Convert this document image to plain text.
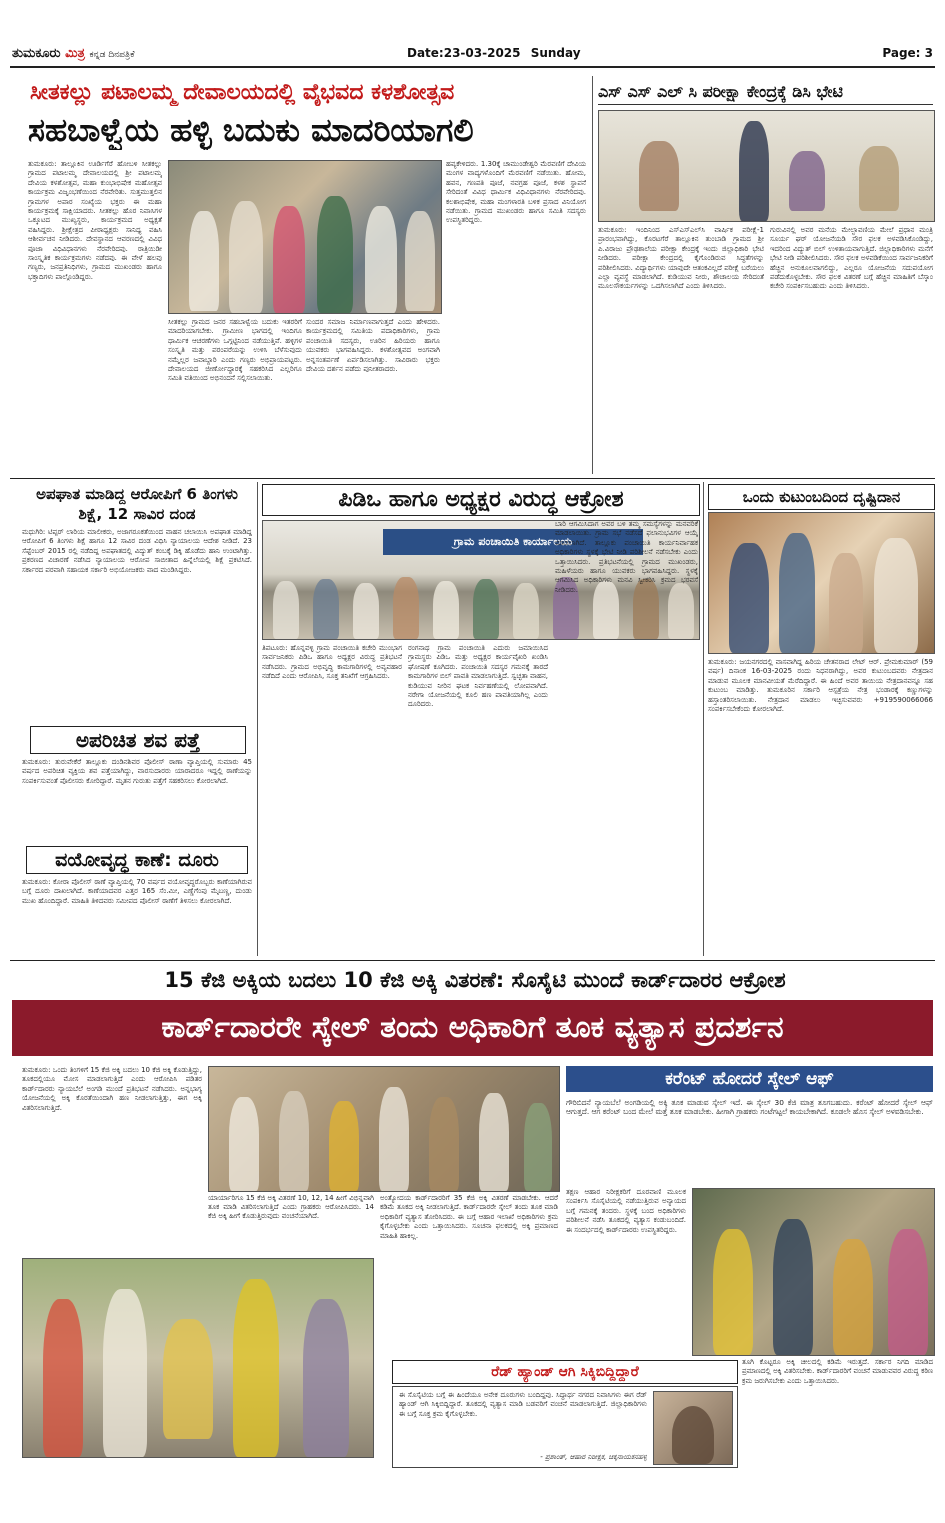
ತುಮಕೂರು ಮಿತ್ರ ಕನ್ನಡ ದಿನಪತ್ರಿಕೆ	Date:23-03-2025 Sunday	Page: 3
ಸೀತಕಲ್ಲು ಪಟಾಲಮ್ಮ ದೇವಾಲಯದಲ್ಲಿ ವೈಭವದ ಕಳಶೋತ್ಸವ
ಸಹಬಾಳ್ವೆಯ ಹಳ್ಳಿ ಬದುಕು ಮಾದರಿಯಾಗಲಿ
ತುಮಕೂರು: ತಾಲ್ಲೂಕಿನ ಊರ್ಡಿಗೆರೆ ಹೋಬಳಿ ಸೀತಕಲ್ಲು ಗ್ರಾಮದ ಪಟಾಲಮ್ಮ ದೇವಾಲಯದಲ್ಲಿ ಶ್ರೀ ಪಟಾಲಮ್ಮ ದೇವಿಯ ಕಳಶೋತ್ಸವ, ಮಹಾ ಕುಂಭಾಭಿಷೇಕ ಮಹೋತ್ಸವ ಕಾರ್ಯಕ್ರಮ ವಿಜೃಂಭಣೆಯಿಂದ ನೆರವೇರಿತು. ಸುತ್ತಮುತ್ತಲಿನ ಗ್ರಾಮಗಳ ಅಪಾರ ಸಂಖ್ಯೆಯ ಭಕ್ತರು ಈ ಮಹಾ ಕಾರ್ಯಕ್ರಮಕ್ಕೆ ಸಾಕ್ಷಿಯಾದರು. ಸೀತಕಲ್ಲು ಹೊರ ನಿವಾಸಿಗಳ ಒಕ್ಕೂಟದ ಮುಖ್ಯಸ್ಥರು, ಕಾರ್ಯಕ್ರಮದ ಅಧ್ಯಕ್ಷತೆ ವಹಿಸಿದ್ದರು. ಶ್ರೀಕ್ಷೇತ್ರದ ಪೀಠಾಧ್ಯಕ್ಷರು ಸಾನಿಧ್ಯ ವಹಿಸಿ ಆಶೀರ್ವಚನ ನೀಡಿದರು. ದೇವಸ್ಥಾನದ ಆವರಣದಲ್ಲಿ ವಿವಿಧ ಪೂಜಾ ವಿಧಿವಿಧಾನಗಳು ನೆರವೇರಿದವು. ರಾತ್ರಿಯಿಡೀ ಸಾಂಸ್ಕೃತಿಕ ಕಾರ್ಯಕ್ರಮಗಳು ನಡೆದವು. ಈ ವೇಳೆ ಹಲವು ಗಣ್ಯರು, ಜನಪ್ರತಿನಿಧಿಗಳು, ಗ್ರಾಮದ ಮುಖಂಡರು ಹಾಗೂ ಭಕ್ತಾದಿಗಳು ಪಾಲ್ಗೊಂಡಿದ್ದರು.
ಸೀತಕಲ್ಲು ಗ್ರಾಮದ ಜನರ ಸಹಬಾಳ್ವೆಯ ಬದುಕು ಇತರರಿಗೆ ಮಾದರಿಯಾಗಬೇಕು. ಗ್ರಾಮೀಣ ಭಾಗದಲ್ಲಿ ಇಂದಿಗೂ ಧಾರ್ಮಿಕ ಆಚರಣೆಗಳು ಒಗ್ಗಟ್ಟಿನಿಂದ ನಡೆಯುತ್ತಿವೆ. ಹಳ್ಳಿಗಳ ಸಂಸ್ಕೃತಿ ಮತ್ತು ಪರಂಪರೆಯನ್ನು ಉಳಿಸಿ ಬೆಳೆಸುವುದು ನಮ್ಮೆಲ್ಲರ ಜವಾಬ್ದಾರಿ ಎಂದು ಗಣ್ಯರು ಅಭಿಪ್ರಾಯಪಟ್ಟರು. ದೇವಾಲಯದ ಜೀರ್ಣೋದ್ಧಾರಕ್ಕೆ ಸಹಕರಿಸಿದ ಎಲ್ಲರಿಗೂ ಸಮಿತಿ ವತಿಯಿಂದ ಅಭಿನಂದನೆ ಸಲ್ಲಿಸಲಾಯಿತು.
ಸುಂದರ ಸಮಾಜ ನಿರ್ಮಾಣವಾಗುತ್ತದೆ ಎಂದು ಹೇಳಿದರು. ಕಾರ್ಯಕ್ರಮದಲ್ಲಿ ಸಮಿತಿಯ ಪದಾಧಿಕಾರಿಗಳು, ಗ್ರಾಮ ಪಂಚಾಯಿತಿ ಸದಸ್ಯರು, ಊರಿನ ಹಿರಿಯರು ಹಾಗೂ ಯುವಕರು ಭಾಗವಹಿಸಿದ್ದರು. ಕಳಶೋತ್ಸವದ ಅಂಗವಾಗಿ ಅನ್ನಸಂತರ್ಪಣೆ ಏರ್ಪಡಿಸಲಾಗಿತ್ತು. ಸಾವಿರಾರು ಭಕ್ತರು ದೇವಿಯ ದರ್ಶನ ಪಡೆದು ಪುನೀತರಾದರು.
ಹವ್ಯಕೇಳಿದರು. 1.30ಕ್ಕೆ ಚಾಮುಂಡೇಶ್ವರಿ ಮೆರವಣಿಗೆ ದೇವಿಯ ಮಂಗಳ ವಾದ್ಯಗಳೊಂದಿಗೆ ಮೆರವಣಿಗೆ ನಡೆಯಿತು. ಹೋಮ, ಹವನ, ಗಣಪತಿ ಪೂಜೆ, ನವಗ್ರಹ ಪೂಜೆ, ಕಳಶ ಸ್ಥಾಪನೆ ಸೇರಿದಂತೆ ವಿವಿಧ ಧಾರ್ಮಿಕ ವಿಧಿವಿಧಾನಗಳು ನೆರವೇರಿದವು. ಕಲಶಾಭಿಷೇಕ, ಮಹಾ ಮಂಗಳಾರತಿ ಬಳಿಕ ಪ್ರಸಾದ ವಿನಿಯೋಗ ನಡೆಯಿತು. ಗ್ರಾಮದ ಮುಖಂಡರು ಹಾಗೂ ಸಮಿತಿ ಸದಸ್ಯರು ಉಪಸ್ಥಿತರಿದ್ದರು.
ಎಸ್ ಎಸ್ ಎಲ್ ಸಿ ಪರೀಕ್ಷಾ ಕೇಂದ್ರಕ್ಕೆ ಡಿಸಿ ಭೇಟಿ
ತುಮಕೂರು: ಇಂದಿನಿಂದ ಎಸ್‌ಎಸ್‌ಎಲ್‌ಸಿ ವಾರ್ಷಿಕ ಪರೀಕ್ಷೆ-1 ಪ್ರಾರಂಭವಾಗಿದ್ದು, ಕೊರಟಗೆರೆ ತಾಲ್ಲೂಕಿನ ತುಂಬಾಡಿ ಗ್ರಾಮದ ಶ್ರೀ ಪಿ.ವಿರಾಜು ಪ್ರೌಢಶಾಲೆಯ ಪರೀಕ್ಷಾ ಕೇಂದ್ರಕ್ಕೆ ಇಂದು ಜಿಲ್ಲಾಧಿಕಾರಿ ಭೇಟಿ ನೀಡಿದರು. ಪರೀಕ್ಷಾ ಕೇಂದ್ರದಲ್ಲಿ ಕೈಗೊಂಡಿರುವ ಸಿದ್ಧತೆಗಳನ್ನು ಪರಿಶೀಲಿಸಿದರು. ವಿದ್ಯಾರ್ಥಿಗಳು ಯಾವುದೇ ಆತಂಕವಿಲ್ಲದೆ ಪರೀಕ್ಷೆ ಬರೆಯಲು ಎಲ್ಲಾ ವ್ಯವಸ್ಥೆ ಮಾಡಲಾಗಿದೆ. ಕುಡಿಯುವ ನೀರು, ಶೌಚಾಲಯ ಸೇರಿದಂತೆ ಮೂಲಸೌಕರ್ಯಗಳನ್ನು ಒದಗಿಸಲಾಗಿದೆ ಎಂದು ತಿಳಿಸಿದರು.
ಗುರುವಿನಲ್ಲಿ ಅವರ ಮನೆಯ ಮೇಲ್ಛಾವಣಿಯ ಮೇಲೆ ಪ್ರಧಾನ ಮಂತ್ರಿ ಸೂರ್ಯ ಘರ್ ಯೋಜನೆಯಡಿ ಸೌರ ಫಲಕ ಅಳವಡಿಸಿಕೊಂಡಿದ್ದು, ಇದರಿಂದ ವಿದ್ಯುತ್ ಬಿಲ್ ಉಳಿತಾಯವಾಗುತ್ತಿದೆ. ಜಿಲ್ಲಾಧಿಕಾರಿಗಳು ಮನೆಗೆ ಭೇಟಿ ನೀಡಿ ಪರಿಶೀಲಿಸಿದರು. ಸೌರ ಫಲಕ ಅಳವಡಿಕೆಯಿಂದ ಸಾರ್ವಜನಿಕರಿಗೆ ಹೆಚ್ಚಿನ ಅನುಕೂಲವಾಗಲಿದ್ದು, ಎಲ್ಲರೂ ಯೋಜನೆಯ ಸದುಪಯೋಗ ಪಡೆದುಕೊಳ್ಳಬೇಕು. ಸೌರ ಫಲಕ ವಿತರಣೆ ಬಗ್ಗೆ ಹೆಚ್ಚಿನ ಮಾಹಿತಿಗೆ ಬೆಸ್ಕಾಂ ಕಚೇರಿ ಸಂಪರ್ಕಿಸಬಹುದು ಎಂದು ತಿಳಿಸಿದರು.
ಅಪಘಾತ ಮಾಡಿದ್ದ ಆರೋಪಿಗೆ 6 ತಿಂಗಳು ಶಿಕ್ಷೆ, 12 ಸಾವಿರ ದಂಡ
ಮಧುಗಿರಿ: ಟಿಪ್ಪರ್ ಲಾರಿಯ ಮಾಲೀಕರು, ಅಜಾಗರೂಕತೆಯಿಂದ ವಾಹನ ಚಲಾಯಿಸಿ ಅಪಘಾತ ಮಾಡಿದ್ದ ಆರೋಪಿಗೆ 6 ತಿಂಗಳು ಶಿಕ್ಷೆ ಹಾಗೂ 12 ಸಾವಿರ ದಂಡ ವಿಧಿಸಿ ನ್ಯಾಯಾಲಯ ಆದೇಶ ನೀಡಿದೆ. 23 ಸೆಪ್ಟೆಂಬರ್ 2015 ರಲ್ಲಿ ನಡೆದಿದ್ದ ಅಪಘಾತದಲ್ಲಿ ವಿದ್ಯುತ್ ಕಂಬಕ್ಕೆ ಡಿಕ್ಕಿ ಹೊಡೆದು ಹಾನಿ ಉಂಟಾಗಿತ್ತು. ಪ್ರಕರಣದ ವಿಚಾರಣೆ ನಡೆಸಿದ ನ್ಯಾಯಾಲಯ ಆರೋಪ ಸಾಬೀತಾದ ಹಿನ್ನೆಲೆಯಲ್ಲಿ ಶಿಕ್ಷೆ ಪ್ರಕಟಿಸಿದೆ. ಸರ್ಕಾರದ ಪರವಾಗಿ ಸಹಾಯಕ ಸರ್ಕಾರಿ ಅಭಿಯೋಜಕರು ವಾದ ಮಂಡಿಸಿದ್ದರು.
ಅಪರಿಚಿತ ಶವ ಪತ್ತೆ
ತುಮಕೂರು: ತುರುವೇಕೆರೆ ತಾಲ್ಲೂಕು ದಂಡಿನಶಿವರ ಪೊಲೀಸ್ ಠಾಣಾ ವ್ಯಾಪ್ತಿಯಲ್ಲಿ ಸುಮಾರು 45 ವರ್ಷದ ಅಪರಿಚಿತ ವ್ಯಕ್ತಿಯ ಶವ ಪತ್ತೆಯಾಗಿದ್ದು, ವಾರಸುದಾರರು ಯಾರಾದರೂ ಇದ್ದಲ್ಲಿ ಠಾಣೆಯನ್ನು ಸಂಪರ್ಕಿಸುವಂತೆ ಪೊಲೀಸರು ಕೋರಿದ್ದಾರೆ. ಮೃತನ ಗುರುತು ಪತ್ತೆಗೆ ಸಹಕರಿಸಲು ಕೋರಲಾಗಿದೆ.
ವಯೋವೃದ್ಧ ಕಾಣೆ: ದೂರು
ತುಮಕೂರು: ಕೋರಾ ಪೊಲೀಸ್ ಠಾಣೆ ವ್ಯಾಪ್ತಿಯಲ್ಲಿ 70 ವರ್ಷದ ವಯೋವೃದ್ಧರೊಬ್ಬರು ಕಾಣೆಯಾಗಿರುವ ಬಗ್ಗೆ ದೂರು ದಾಖಲಾಗಿದೆ. ಕಾಣೆಯಾದವರ ಎತ್ತರ 165 ಸೆಂ.ಮೀ, ಎಣ್ಣೆಗೆಂಪು ಮೈಬಣ್ಣ, ದುಂಡು ಮುಖ ಹೊಂದಿದ್ದಾರೆ. ಮಾಹಿತಿ ತಿಳಿದವರು ಸಮೀಪದ ಪೊಲೀಸ್ ಠಾಣೆಗೆ ತಿಳಿಸಲು ಕೋರಲಾಗಿದೆ.
ಪಿಡಿಒ ಹಾಗೂ ಅಧ್ಯಕ್ಷರ ವಿರುದ್ಧ ಆಕ್ರೋಶ
ಗ್ರಾಮ ಪಂಚಾಯಿತಿ ಕಾರ್ಯಾಲಯ
ತಿಪಟೂರು: ಹೊನ್ನವಳ್ಳಿ ಗ್ರಾಮ ಪಂಚಾಯಿತಿ ಕಚೇರಿ ಮುಂಭಾಗ ಸಾರ್ವಜನಿಕರು ಪಿಡಿಒ ಹಾಗೂ ಅಧ್ಯಕ್ಷರ ವಿರುದ್ಧ ಪ್ರತಿಭಟನೆ ನಡೆಸಿದರು. ಗ್ರಾಮದ ಅಭಿವೃದ್ಧಿ ಕಾಮಗಾರಿಗಳಲ್ಲಿ ಅವ್ಯವಹಾರ ನಡೆದಿದೆ ಎಂದು ಆರೋಪಿಸಿ, ಸೂಕ್ತ ತನಿಖೆಗೆ ಆಗ್ರಹಿಸಿದರು.
ರಂಗನಾಥ ಗ್ರಾಮ ಪಂಚಾಯಿತಿ ಎದುರು ಜಮಾಯಿಸಿದ ಗ್ರಾಮಸ್ಥರು ಪಿಡಿಒ ಮತ್ತು ಅಧ್ಯಕ್ಷರ ಕಾರ್ಯವೈಖರಿ ಖಂಡಿಸಿ ಘೋಷಣೆ ಕೂಗಿದರು. ಪಂಚಾಯಿತಿ ಸದಸ್ಯರ ಗಮನಕ್ಕೆ ತಾರದೆ ಕಾಮಗಾರಿಗಳ ಬಿಲ್ ಪಾವತಿ ಮಾಡಲಾಗುತ್ತಿದೆ. ಸ್ವಚ್ಛತಾ ವಾಹನ, ಕುಡಿಯುವ ನೀರಿನ ಘಟಕ ನಿರ್ವಹಣೆಯಲ್ಲಿ ಲೋಪವಾಗಿದೆ. ನರೇಗಾ ಯೋಜನೆಯಲ್ಲಿ ಕೂಲಿ ಹಣ ಪಾವತಿಯಾಗಿಲ್ಲ ಎಂದು ದೂರಿದರು.
ಬಾರಿ ಆಗಮಿಸಿದಾಗ ಅವರ ಬಳಿ ತಮ್ಮ ಸಮಸ್ಯೆಗಳನ್ನು ಮನವರಿಕೆ ಮಾಡಲಾಯಿತು. ಗ್ರಾಮ ಸಭೆ ನಡೆಸದೆ ಫಲಾನುಭವಿಗಳ ಆಯ್ಕೆ ಮಾಡಲಾಗಿದೆ. ತಾಲ್ಲೂಕು ಪಂಚಾಯಿತಿ ಕಾರ್ಯನಿರ್ವಾಹಕ ಅಧಿಕಾರಿಗಳು ಸ್ಥಳಕ್ಕೆ ಭೇಟಿ ನೀಡಿ ಪರಿಶೀಲನೆ ನಡೆಸಬೇಕು ಎಂದು ಒತ್ತಾಯಿಸಿದರು. ಪ್ರತಿಭಟನೆಯಲ್ಲಿ ಗ್ರಾಮದ ಮುಖಂಡರು, ಮಹಿಳೆಯರು ಹಾಗೂ ಯುವಕರು ಭಾಗವಹಿಸಿದ್ದರು. ಸ್ಥಳಕ್ಕೆ ಆಗಮಿಸಿದ ಅಧಿಕಾರಿಗಳು ಮನವಿ ಸ್ವೀಕರಿಸಿ ಕ್ರಮದ ಭರವಸೆ ನೀಡಿದರು.
ಒಂದು ಕುಟುಂಬದಿಂದ ದೃಷ್ಟಿದಾನ
ತುಮಕೂರು: ಜಯನಗರದಲ್ಲಿ ವಾಸವಾಗಿದ್ದ ಹಿರಿಯ ಚೇತನರಾದ ಲೇಟ್ ಆರ್. ಪ್ರೇಮಕುಮಾರ್ (59 ವರ್ಷ) ದಿನಾಂಕ 16-03-2025 ರಂದು ನಿಧನರಾಗಿದ್ದು, ಅವರ ಕುಟುಂಬದವರು ನೇತ್ರದಾನ ಮಾಡುವ ಮೂಲಕ ಮಾನವೀಯತೆ ಮೆರೆದಿದ್ದಾರೆ. ಈ ಹಿಂದೆ ಅವರ ತಾಯಿಯ ನೇತ್ರದಾನವನ್ನೂ ಸಹ ಕುಟುಂಬ ಮಾಡಿತ್ತು. ತುಮಕೂರಿನ ಸರ್ಕಾರಿ ಆಸ್ಪತ್ರೆಯ ನೇತ್ರ ಭಂಡಾರಕ್ಕೆ ಕಣ್ಣುಗಳನ್ನು ಹಸ್ತಾಂತರಿಸಲಾಯಿತು. ನೇತ್ರದಾನ ಮಾಡಲು ಇಚ್ಛಿಸುವವರು +919590066066 ಸಂಪರ್ಕಿಸಬೇಕೆಂದು ಕೋರಲಾಗಿದೆ.
15 ಕೆಜಿ ಅಕ್ಕಿಯ ಬದಲು 10 ಕೆಜಿ ಅಕ್ಕಿ ವಿತರಣೆ: ಸೊಸೈಟಿ ಮುಂದೆ ಕಾರ್ಡ್‌ದಾರರ ಆಕ್ರೋಶ
ಕಾರ್ಡ್‌ದಾರರೇ ಸ್ಕೇಲ್ ತಂದು ಅಧಿಕಾರಿಗೆ ತೂಕ ವ್ಯತ್ಯಾಸ ಪ್ರದರ್ಶನ
ತುಮಕೂರು: ಒಂದು ತಿಂಗಳಿಗೆ 15 ಕೆಜಿ ಅಕ್ಕಿ ಬದಲು 10 ಕೆಜಿ ಅಕ್ಕಿ ಕೊಡುತ್ತಿದ್ದು, ತೂಕದಲ್ಲಿಯೂ ಮೋಸ ಮಾಡಲಾಗುತ್ತಿದೆ ಎಂದು ಆರೋಪಿಸಿ ಪಡಿತರ ಕಾರ್ಡ್‌ದಾರರು ನ್ಯಾಯಬೆಲೆ ಅಂಗಡಿ ಮುಂದೆ ಪ್ರತಿಭಟನೆ ನಡೆಸಿದರು. ಅನ್ನಭಾಗ್ಯ ಯೋಜನೆಯಲ್ಲಿ ಅಕ್ಕಿ ಕೊರತೆಯಿಂದಾಗಿ ಹಣ ನೀಡಲಾಗುತ್ತಿತ್ತು, ಈಗ ಅಕ್ಕಿ ವಿತರಿಸಲಾಗುತ್ತಿದೆ.
ಯಾರ್ಯಾರಿಗೂ 15 ಕೆಜಿ ಅಕ್ಕಿ ವಿತರಣೆ 10, 12, 14 ಹೀಗೆ ವಿಭಿನ್ನವಾಗಿ ತೂಕ ಮಾಡಿ ವಿತರಿಸಲಾಗುತ್ತಿದೆ ಎಂದು ಗ್ರಾಹಕರು ಆರೋಪಿಸಿದರು. 14 ಕೆಜಿ ಅಕ್ಕಿ ಹೀಗೆ ಕೊಡುತ್ತಿರುವುದು ವಂಚನೆಯಾಗಿದೆ.
ಅಂತ್ಯೋದಯ ಕಾರ್ಡ್‌ದಾರರಿಗೆ 35 ಕೆಜಿ ಅಕ್ಕಿ ವಿತರಣೆ ಮಾಡಬೇಕು. ಆದರೆ ಕಡಿಮೆ ತೂಕದ ಅಕ್ಕಿ ನೀಡಲಾಗುತ್ತಿದೆ. ಕಾರ್ಡ್‌ದಾರರೇ ಸ್ಕೇಲ್ ತಂದು ತೂಕ ಮಾಡಿ ಅಧಿಕಾರಿಗೆ ವ್ಯತ್ಯಾಸ ತೋರಿಸಿದರು. ಈ ಬಗ್ಗೆ ಆಹಾರ ಇಲಾಖೆ ಅಧಿಕಾರಿಗಳು ಕ್ರಮ ಕೈಗೊಳ್ಳಬೇಕು ಎಂದು ಒತ್ತಾಯಿಸಿದರು. ಸೂಚನಾ ಫಲಕದಲ್ಲಿ ಅಕ್ಕಿ ಪ್ರಮಾಣದ ಮಾಹಿತಿ ಹಾಕಿಲ್ಲ.
ಕರೆಂಟ್ ಹೋದರೆ ಸ್ಕೇಲ್ ಆಫ್
ಗೌರಿಬಿದನೆ ನ್ಯಾಯಬೆಲೆ ಅಂಗಡಿಯಲ್ಲಿ ಅಕ್ಕಿ ತೂಕ ಮಾಡುವ ಸ್ಕೇಲ್ ಇದೆ. ಈ ಸ್ಕೇಲ್ 30 ಕೆಜಿ ಮಾತ್ರ ತೂಗಬಹುದು. ಕರೆಂಟ್ ಹೋದರೆ ಸ್ಕೇಲ್ ಆಫ್ ಆಗುತ್ತದೆ. ಆಗ ಕರೆಂಟ್ ಬಂದ ಮೇಲೆ ಮತ್ತೆ ತೂಕ ಮಾಡಬೇಕು. ಹೀಗಾಗಿ ಗ್ರಾಹಕರು ಗಂಟೆಗಟ್ಟಲೆ ಕಾಯಬೇಕಾಗಿದೆ. ಕೂಡಲೇ ಹೊಸ ಸ್ಕೇಲ್ ಅಳವಡಿಸಬೇಕು.
ತಕ್ಷಣ ಆಹಾರ ನಿರೀಕ್ಷಕರಿಗೆ ದೂರವಾಣಿ ಮೂಲಕ ಸಂಪರ್ಕಿಸಿ ಸೊಸೈಟಿಯಲ್ಲಿ ನಡೆಯುತ್ತಿರುವ ಅನ್ಯಾಯದ ಬಗ್ಗೆ ಗಮನಕ್ಕೆ ತಂದರು. ಸ್ಥಳಕ್ಕೆ ಬಂದ ಅಧಿಕಾರಿಗಳು ಪರಿಶೀಲನೆ ನಡೆಸಿ ತೂಕದಲ್ಲಿ ವ್ಯತ್ಯಾಸ ಕಂಡುಬಂದಿದೆ. ಈ ಸಂದರ್ಭದಲ್ಲಿ ಕಾರ್ಡ್‌ದಾರರು ಉಪಸ್ಥಿತರಿದ್ದರು.
ತೂಗಿ ಕೊಟ್ಟರೂ ಅಕ್ಕಿ ಚೀಲದಲ್ಲಿ ಕಡಿಮೆ ಇರುತ್ತದೆ. ಸರ್ಕಾರ ನಿಗದಿ ಮಾಡಿದ ಪ್ರಮಾಣದಲ್ಲಿ ಅಕ್ಕಿ ವಿತರಿಸಬೇಕು. ಕಾರ್ಡ್‌ದಾರರಿಗೆ ವಂಚನೆ ಮಾಡುವವರ ವಿರುದ್ಧ ಕಠಿಣ ಕ್ರಮ ಜರುಗಿಸಬೇಕು ಎಂದು ಒತ್ತಾಯಿಸಿದರು.
ರೆಡ್ ಹ್ಯಾಂಡ್ ಆಗಿ ಸಿಕ್ಕಿಬಿದ್ದಿದ್ದಾರೆ
ಈ ಸೊಸೈಟಿಯ ಬಗ್ಗೆ ಈ ಹಿಂದೆಯೂ ಅನೇಕ ದೂರುಗಳು ಬಂದಿದ್ದವು. ಸಿದ್ಧಾರ್ಥ ನಗರದ ನಿವಾಸಿಗಳು ಈಗ ರೆಡ್ ಹ್ಯಾಂಡ್ ಆಗಿ ಸಿಕ್ಕಿಬಿದ್ದಿದ್ದಾರೆ. ತೂಕದಲ್ಲಿ ವ್ಯತ್ಯಾಸ ಮಾಡಿ ಬಡವರಿಗೆ ವಂಚನೆ ಮಾಡಲಾಗುತ್ತಿದೆ. ಜಿಲ್ಲಾಧಿಕಾರಿಗಳು ಈ ಬಗ್ಗೆ ಸೂಕ್ತ ಕ್ರಮ ಕೈಗೊಳ್ಳಬೇಕು.
- ಪ್ರಶಾಂತ್, ಆಹಾರ ನಿರೀಕ್ಷಕ, ಚಿಕ್ಕನಾಯಕನಹಳ್ಳಿ
